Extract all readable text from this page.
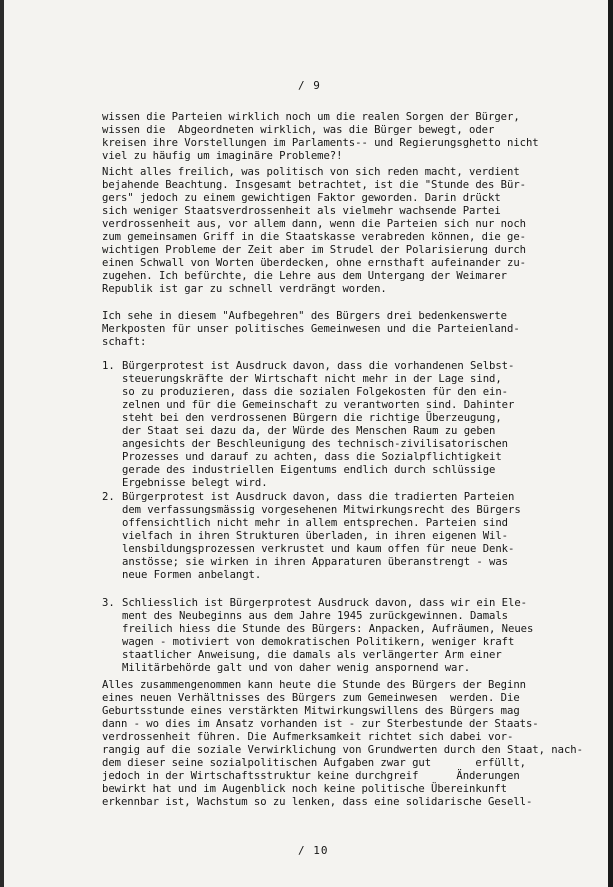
/ 9
wissen die Parteien wirklich noch um die realen Sorgen der Bürger,
wissen die  Abgeordneten wirklich, was die Bürger bewegt, oder
kreisen ihre Vorstellungen im Parlaments-- und Regierungsghetto nicht
viel zu häufig um imaginäre Probleme?!
Nicht alles freilich, was politisch von sich reden macht, verdient
bejahende Beachtung. Insgesamt betrachtet, ist die "Stunde des Bür-
gers" jedoch zu einem gewichtigen Faktor geworden. Darin drückt
sich weniger Staatsverdrossenheit als vielmehr wachsende Partei
verdrossenheit aus, vor allem dann, wenn die Parteien sich nur noch
zum gemeinsamen Griff in die Staatskasse verabreden können, die ge-
wichtigen Probleme der Zeit aber im Strudel der Polarisierung durch
einen Schwall von Worten überdecken, ohne ernsthaft aufeinander zu-
zugehen. Ich befürchte, die Lehre aus dem Untergang der Weimarer
Republik ist gar zu schnell verdrängt worden.
Ich sehe in diesem "Aufbegehren" des Bürgers drei bedenkenswerte
Merkposten für unser politisches Gemeinwesen und die Parteienland-
schaft:
1. Bürgerprotest ist Ausdruck davon, dass die vorhandenen Selbst-
steuerungskräfte der Wirtschaft nicht mehr in der Lage sind,
so zu produzieren, dass die sozialen Folgekosten für den ein-
zelnen und für die Gemeinschaft zu verantworten sind. Dahinter
steht bei den verdrossenen Bürgern die richtige Überzeugung,
der Staat sei dazu da, der Würde des Menschen Raum zu geben
angesichts der Beschleunigung des technisch-zivilisatorischen
Prozesses und darauf zu achten, dass die Sozialpflichtigkeit
gerade des industriellen Eigentums endlich durch schlüssige
Ergebnisse belegt wird.
2. Bürgerprotest ist Ausdruck davon, dass die tradierten Parteien
dem verfassungsmässig vorgesehenen Mitwirkungsrecht des Bürgers
offensichtlich nicht mehr in allem entsprechen. Parteien sind
vielfach in ihren Strukturen überladen, in ihren eigenen Wil-
lensbildungsprozessen verkrustet und kaum offen für neue Denk-
anstösse; sie wirken in ihren Apparaturen überanstrengt - was
neue Formen anbelangt.
3. Schliesslich ist Bürgerprotest Ausdruck davon, dass wir ein Ele-
ment des Neubeginns aus dem Jahre 1945 zurückgewinnen. Damals
freilich hiess die Stunde des Bürgers: Anpacken, Aufräumen, Neues
wagen - motiviert von demokratischen Politikern, weniger kraft
staatlicher Anweisung, die damals als verlängerter Arm einer
Militärbehörde galt und von daher wenig anspornend war.
Alles zusammengenommen kann heute die Stunde des Bürgers der Beginn
eines neuen Verhältnisses des Bürgers zum Gemeinwesen  werden. Die
Geburtsstunde eines verstärkten Mitwirkungswillens des Bürgers mag
dann - wo dies im Ansatz vorhanden ist - zur Sterbestunde der Staats-
verdrossenheit führen. Die Aufmerksamkeit richtet sich dabei vor-
rangig auf die soziale Verwirklichung von Grundwerten durch den Staat, nach-
dem dieser seine sozialpolitischen Aufgaben zwar gut       erfüllt,
jedoch in der Wirtschaftsstruktur keine durchgreif      Änderungen
bewirkt hat und im Augenblick noch keine politische Übereinkunft
erkennbar ist, Wachstum so zu lenken, dass eine solidarische Gesell-
/ 10
